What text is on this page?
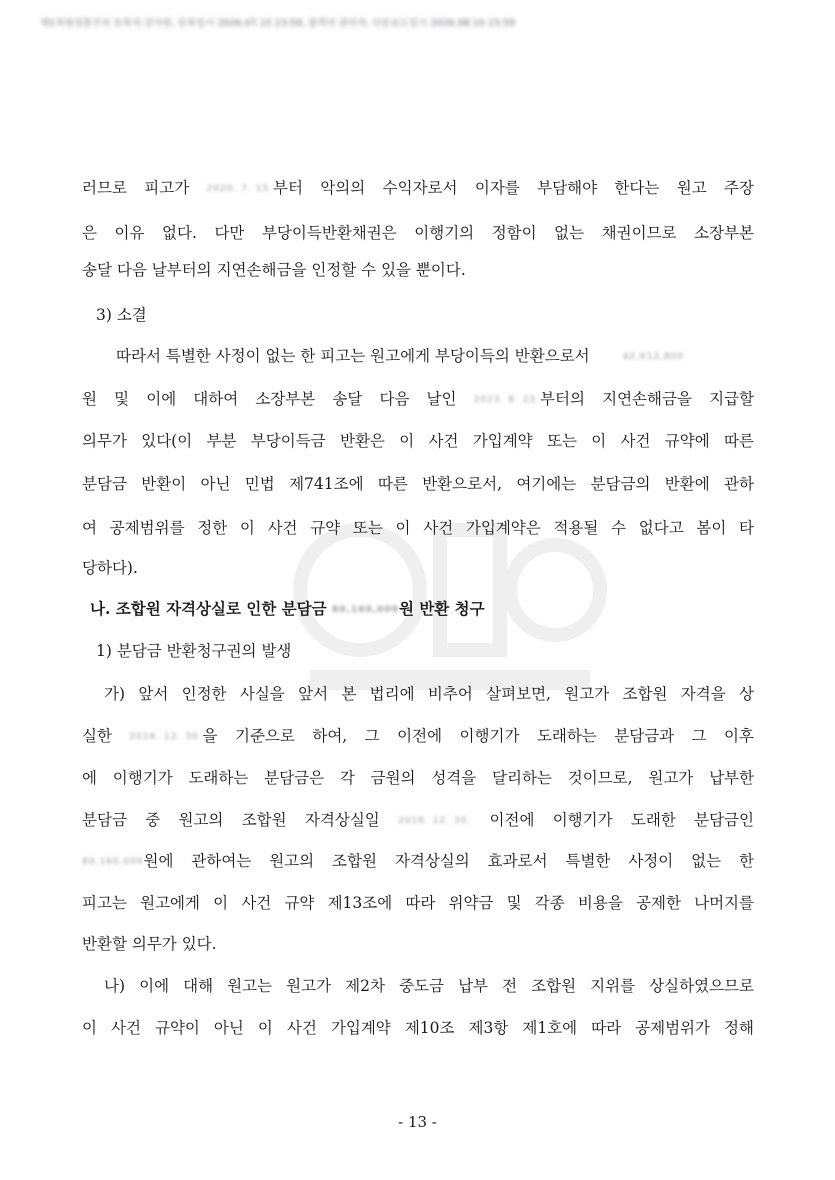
제1차청설층주의 등록자:강사원, 등록일시 2026.07.15 23:59, 출력자 관리자, 다운로드일시 2026.08.10 15:59
러므로 피고가 2020. 7. 15.부터 악의의 수익자로서 이자를 부담해야 한다는 원고 주장
은 이유 없다. 다만 부당이득반환채권은 이행기의 정함이 없는 채권이므로 소장부본
송달 다음 날부터의 지연손해금을 인정할 수 있을 뿐이다.
3) 소결
따라서 특별한 사정이 없는 한 피고는 원고에게 부당이득의 반환으로서	42,612,800
원 및 이에 대하여 소장부본 송달 다음 날인 2023. 8. 22.부터의 지연손해금을 지급할
의무가 있다(이 부분 부당이득금 반환은 이 사건 가입계약 또는 이 사건 규약에 따른
분담금 반환이 아닌 민법 제741조에 따른 반환으로서, 여기에는 분담금의 반환에 관하
여 공제범위를 정한 이 사건 규약 또는 이 사건 가입계약은 적용될 수 없다고 봄이 타
당하다).
나. 조합원 자격상실로 인한 분담금 80,160,000원 반환 청구
1) 분담금 반환청구권의 발생
가) 앞서 인정한 사실을 앞서 본 법리에 비추어 살펴보면, 원고가 조합원 자격을 상
실한 2016. 12. 30.을 기준으로 하여, 그 이전에 이행기가 도래하는 분담금과 그 이후
에 이행기가 도래하는 분담금은 각 금원의 성격을 달리하는 것이므로, 원고가 납부한
분담금 중 원고의 조합원 자격상실일 2016. 12. 30. 이전에 이행기가 도래한 분담금인
80,160,000원에 관하여는 원고의 조합원 자격상실의 효과로서 특별한 사정이 없는 한
피고는 원고에게 이 사건 규약 제13조에 따라 위약금 및 각종 비용을 공제한 나머지를
반환할 의무가 있다.
나) 이에 대해 원고는 원고가 제2차 중도금 납부 전 조합원 지위를 상실하였으므로
이 사건 규약이 아닌 이 사건 가입계약 제10조 제3항 제1호에 따라 공제범위가 정해
- 13 -
